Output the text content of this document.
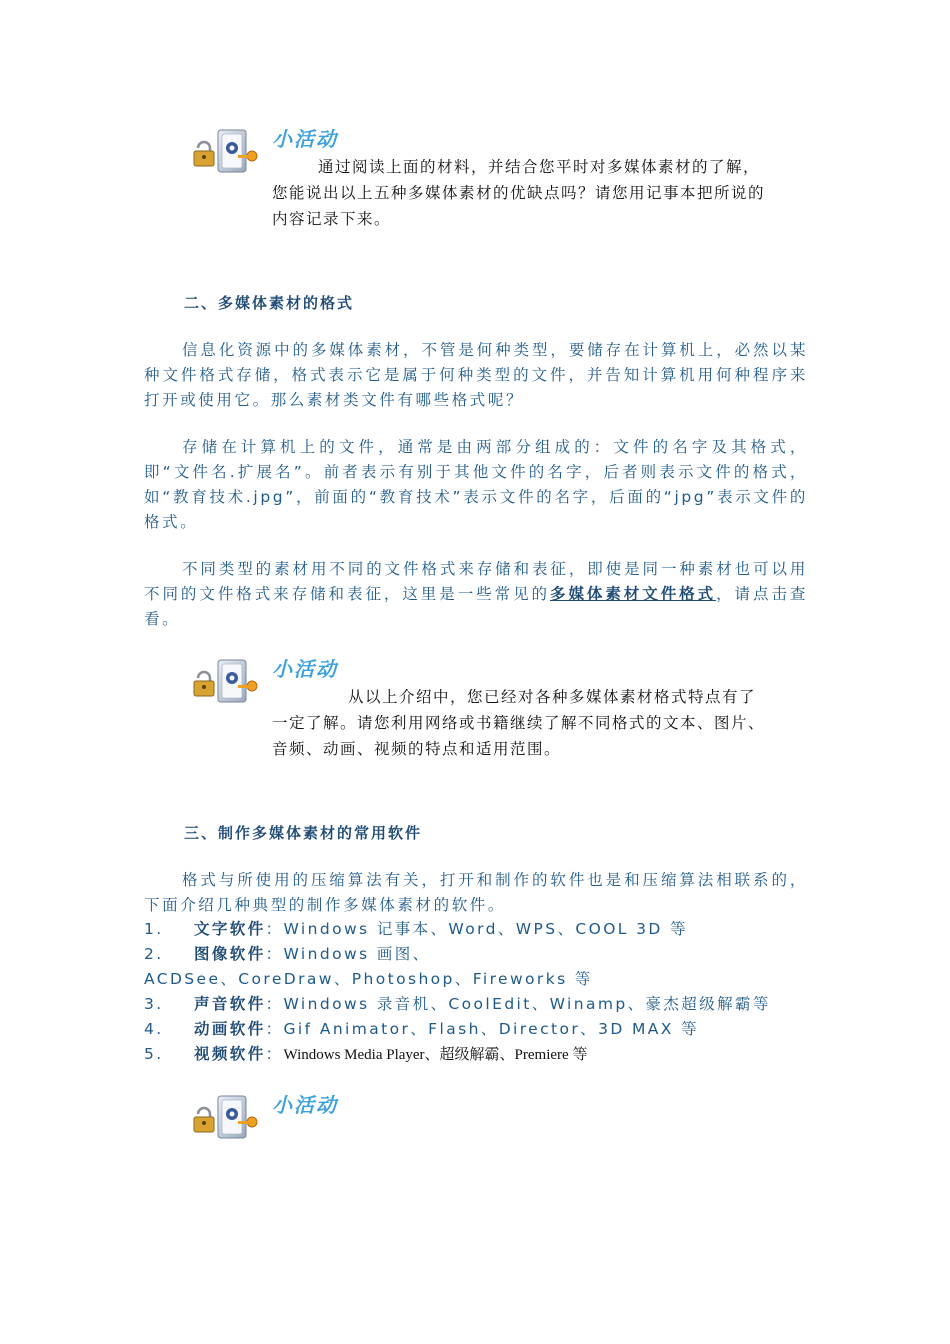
小活动

通过阅读上面的材料，并结合您平时对多媒体素材的了解，您能说出以上五种多媒体素材的优缺点吗？请您用记事本把所说的内容记录下来。

二、多媒体素材的格式

信息化资源中的多媒体素材，不管是何种类型，要储存在计算机上，必然以某种文件格式存储，格式表示它是属于何种类型的文件，并告知计算机用何种程序来打开或使用它。那么素材类文件有哪些格式呢？

存储在计算机上的文件，通常是由两部分组成的：文件的名字及其格式，即“文件名.扩展名”。前者表示有别于其他文件的名字，后者则表示文件的格式，如“教育技术.jpg”，前面的“教育技术”表示文件的名字，后面的“jpg”表示文件的格式。

不同类型的素材用不同的文件格式来存储和表征，即使是同一种素材也可以用不同的文件格式来存储和表征，这里是一些常见的多媒体素材文件格式，请点击查看。

小活动

从以上介绍中，您已经对各种多媒体素材格式特点有了一定了解。请您利用网络或书籍继续了解不同格式的文本、图片、音频、动画、视频的特点和适用范围。

三、制作多媒体素材的常用软件

格式与所使用的压缩算法有关，打开和制作的软件也是和压缩算法相联系的，下面介绍几种典型的制作多媒体素材的软件。

1. 文字软件：Windows 记事本、Word、WPS、COOL 3D 等
2. 图像软件：Windows 画图、
ACDSee、CoreDraw、Photoshop、Fireworks 等
3. 声音软件：Windows 录音机、CoolEdit、Winamp、豪杰超级解霸等
4. 动画软件：Gif Animator、Flash、Director、3D MAX 等
5. 视频软件：Windows Media Player、超级解霸、Premiere 等
小活动
